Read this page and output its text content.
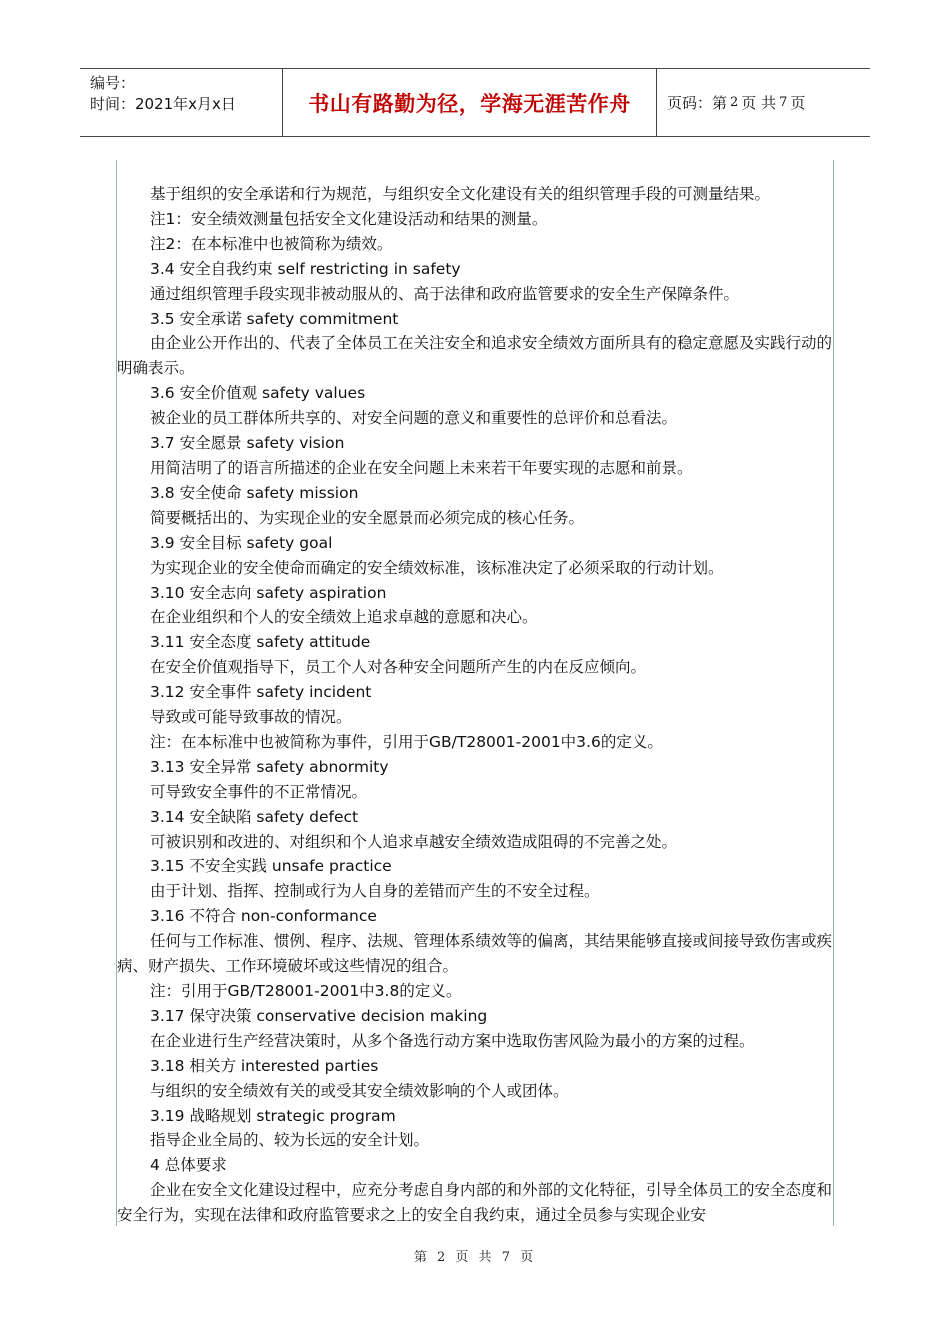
编号：
时间：2021年x月x日	书山有路勤为径，学海无涯苦作舟	页码：第 2 页 共 7 页

基于组织的安全承诺和行为规范，与组织安全文化建设有关的组织管理手段的可测量结果。

注1：安全绩效测量包括安全文化建设活动和结果的测量。

注2：在本标准中也被简称为绩效。

3.4 安全自我约束 self restricting in safety

通过组织管理手段实现非被动服从的、高于法律和政府监管要求的安全生产保障条件。

3.5 安全承诺 safety commitment

由企业公开作出的、代表了全体员工在关注安全和追求安全绩效方面所具有的稳定意愿及实践行动的明确表示。

3.6 安全价值观 safety values

被企业的员工群体所共享的、对安全问题的意义和重要性的总评价和总看法。

3.7 安全愿景 safety vision

用简洁明了的语言所描述的企业在安全问题上未来若干年要实现的志愿和前景。

3.8 安全使命 safety mission

简要概括出的、为实现企业的安全愿景而必须完成的核心任务。

3.9 安全目标 safety goal

为实现企业的安全使命而确定的安全绩效标准，该标准决定了必须采取的行动计划。

3.10 安全志向 safety aspiration

在企业组织和个人的安全绩效上追求卓越的意愿和决心。

3.11 安全态度 safety attitude

在安全价值观指导下，员工个人对各种安全问题所产生的内在反应倾向。

3.12 安全事件 safety incident

导致或可能导致事故的情况。

注：在本标准中也被简称为事件，引用于GB/T28001-2001中3.6的定义。

3.13 安全异常 safety abnormity

可导致安全事件的不正常情况。

3.14 安全缺陷 safety defect

可被识别和改进的、对组织和个人追求卓越安全绩效造成阻碍的不完善之处。

3.15 不安全实践 unsafe practice

由于计划、指挥、控制或行为人自身的差错而产生的不安全过程。

3.16 不符合 non-conformance

任何与工作标准、惯例、程序、法规、管理体系绩效等的偏离，其结果能够直接或间接导致伤害或疾病、财产损失、工作环境破坏或这些情况的组合。

注：引用于GB/T28001-2001中3.8的定义。

3.17 保守决策 conservative decision making

在企业进行生产经营决策时，从多个备选行动方案中选取伤害风险为最小的方案的过程。

3.18 相关方 interested parties

与组织的安全绩效有关的或受其安全绩效影响的个人或团体。

3.19 战略规划 strategic program

指导企业全局的、较为长远的安全计划。

4 总体要求

企业在安全文化建设过程中，应充分考虑自身内部的和外部的文化特征，引导全体员工的安全态度和安全行为，实现在法律和政府监管要求之上的安全自我约束，通过全员参与实现企业安

第 2 页 共 7 页
